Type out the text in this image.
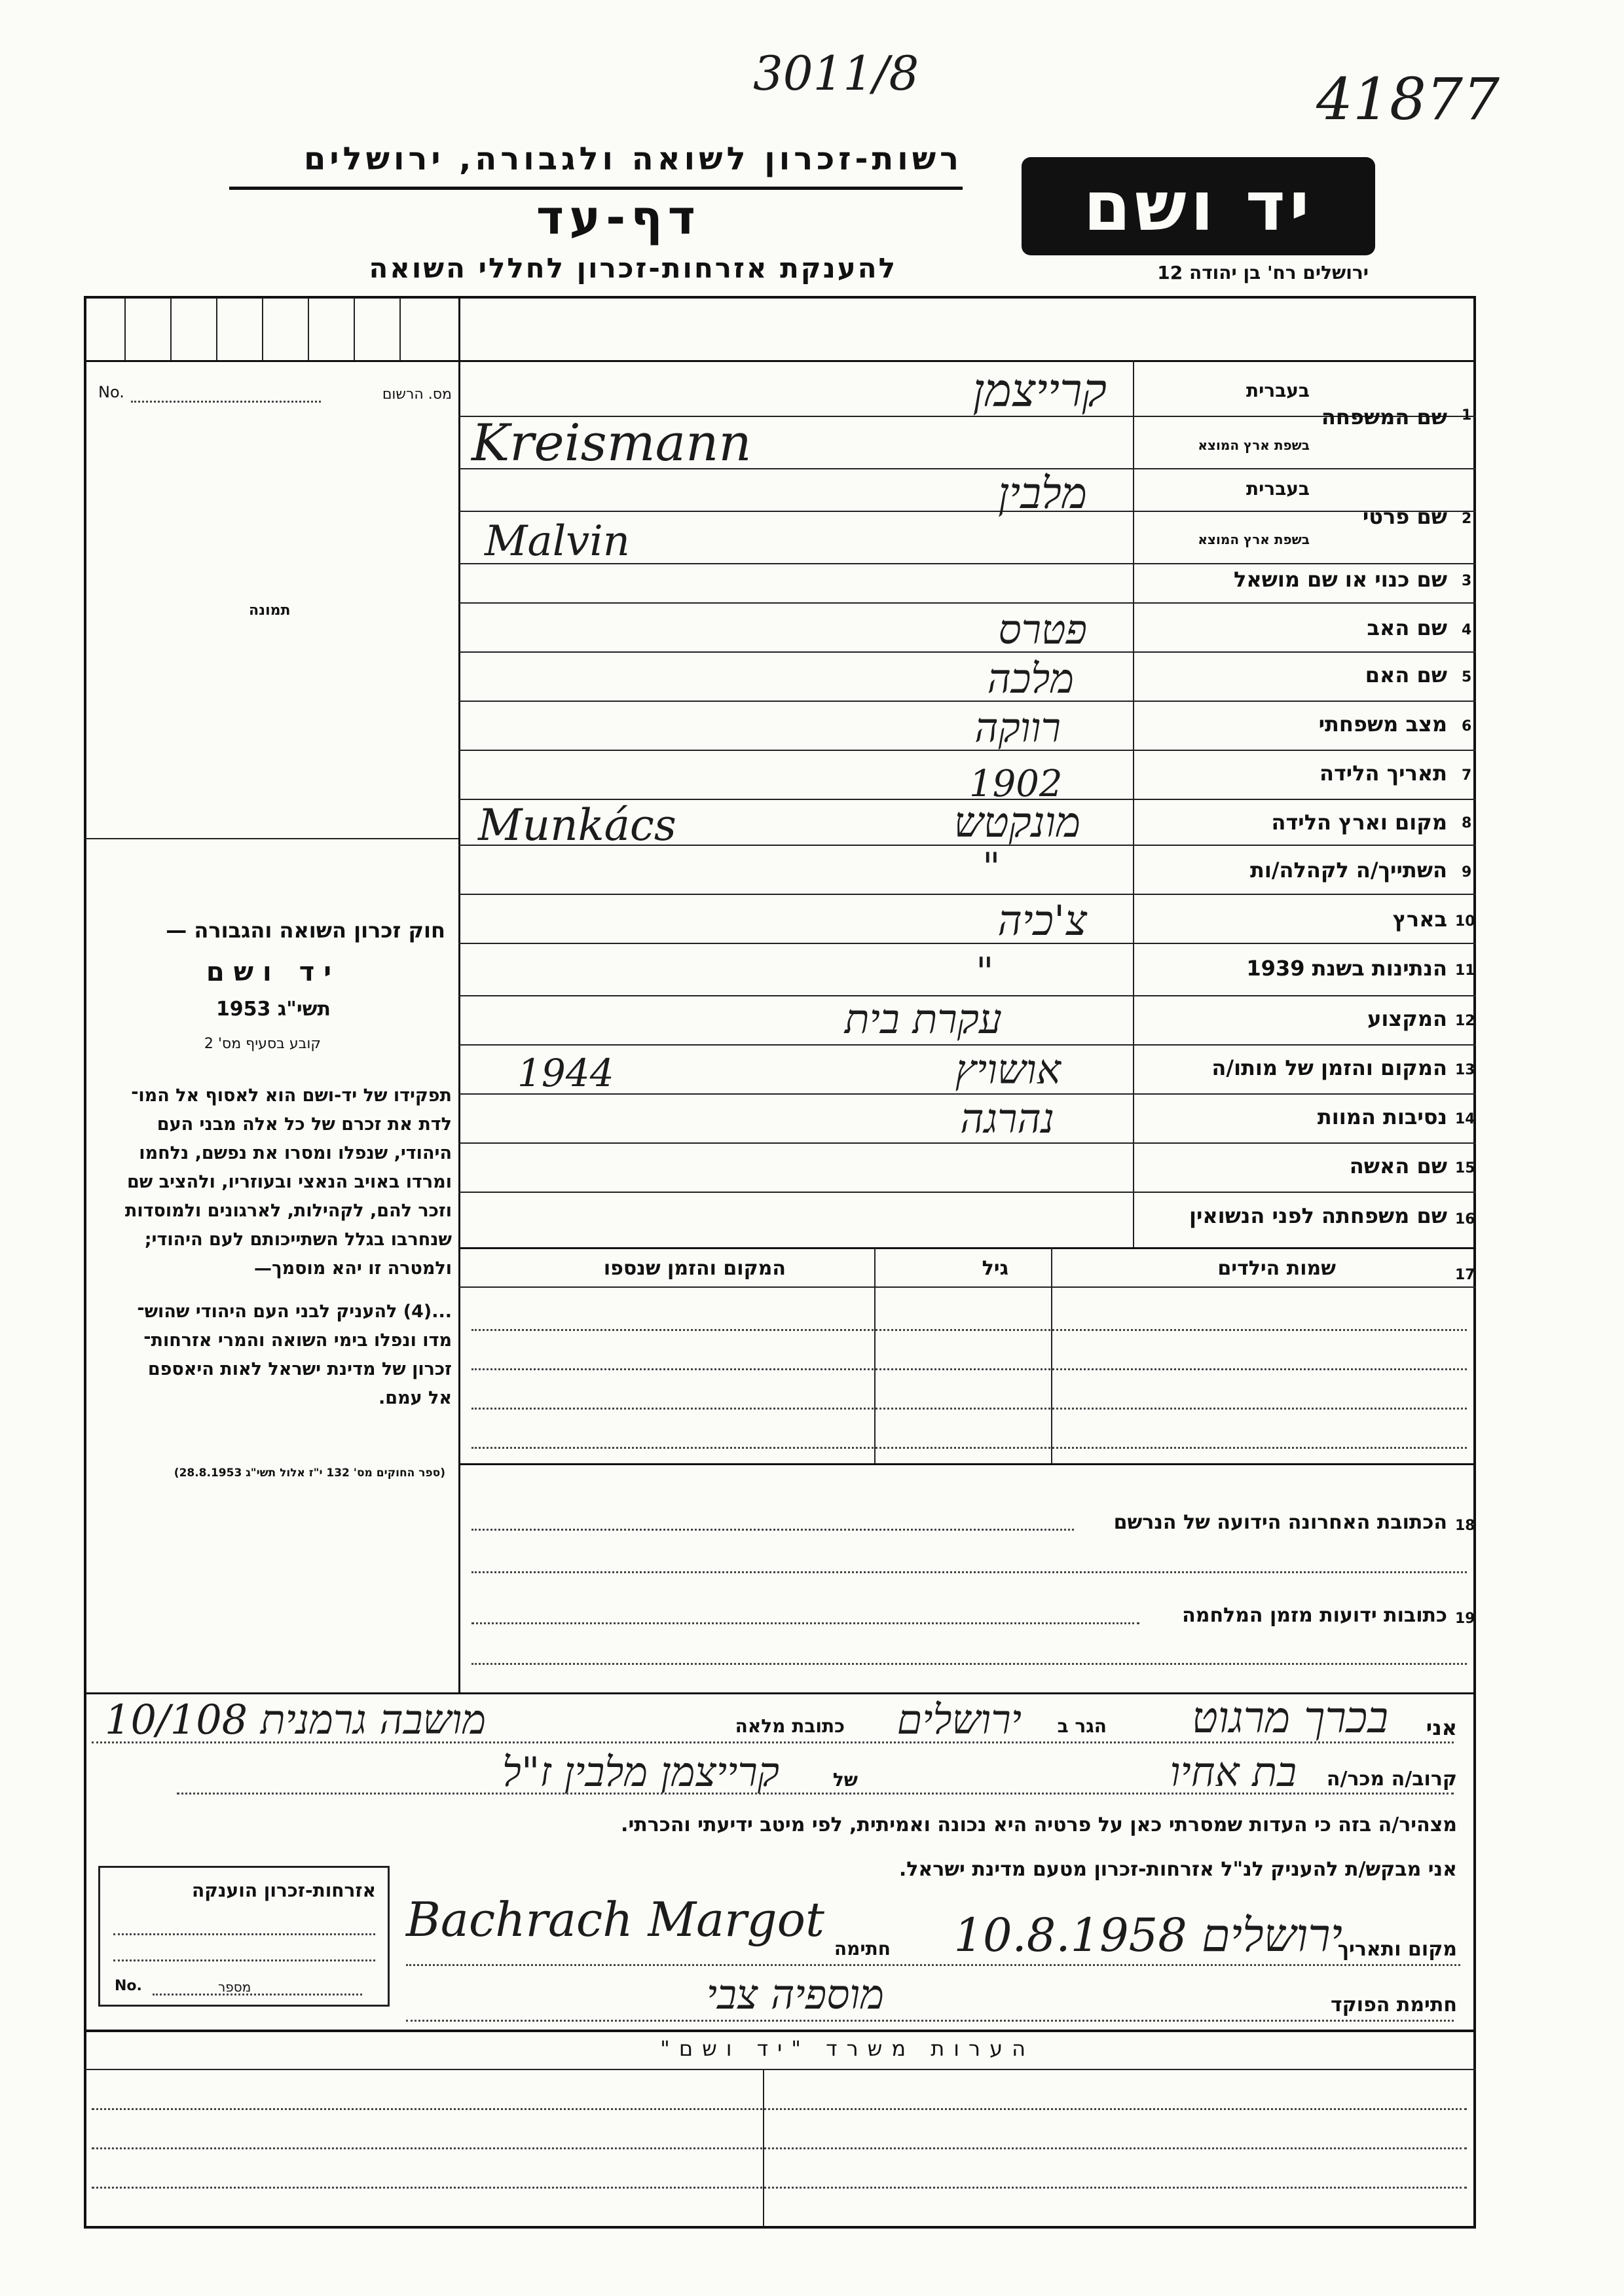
3011/8	41877
רשות-זכרון לשואה ולגבורה, ירושלים
דף-עד
להענקת אזרחות-זכרון לחללי השואה
יד ושם
ירושלים רח' בן יהודה 12
מס. הרשום
No.
תמונה
חוק זכרון השואה והגבורה —
יד ושם
תשי"ג 1953
קובע בסעיף מס' 2
תפקידו של יד-ושם הוא לאסוף אל המו־
לדת את זכרם של כל אלה מבני העם
היהודי, שנפלו ומסרו את נפשם, נלחמו
ומרדו באויב הנאצי ובעוזריו, ולהציב שם
וזכר להם, לקהילות, לארגונים ולמוסדות
שנחרבו בגלל השתייכותם לעם היהודי;
ולמטרה זו יהא מוסמך—
...(4) להעניק לבני העם היהודי שהוש־
מדו ונפלו בימי השואה והמרי אזרחות־
זכרון של מדינת ישראל לאות היאספם
אל עמם.
(ספר החוקים מס' 132 י"ז אלול תשי"ג 28.8.1953)
1
שם המשפחה
בעברית
בשפת ארץ המוצא
קרייצמן
Kreismann
2
שם פרטי
בעברית
בשפת ארץ המוצא
מלבין
Malvin
3
שם כנוי או שם מושאל
4
שם האב
פטרס
5
שם האם
מלכה
6
מצב משפחתי
רווקה
7
תאריך הלידה
1902
8
מקום וארץ הלידה
מונקטש
Munkács
9
השתייך/ה לקהלה/ות
"
10
בארץ
צ'כיה
11
הנתינות בשנת 1939
"
12
המקצוע
עקרת בית
13
המקום והזמן של מותו/ה
אושויץ
1944
14
נסיבות המוות
נהרגה
15
שם האשה
16
שם משפחתה לפני הנשואין
17
שמות הילדים
גיל
המקום והזמן שנספו
18
הכתובת האחרונה הידועה של הנרשם
19
כתובות ידועות מזמן המלחמה
אני
בכרך מרגוט
הגר ב
ירושלים
כתובת מלאה
מושבה גרמנית 10/108
קרוב/ה מכר/ה
בת אחיו
של
קרייצמן מלבין ז"ל
מצהיר/ה בזה כי העדות שמסרתי כאן על פרטיה היא נכונה ואמיתית, לפי מיטב ידיעתי והכרתי.
אני מבקש/ת להעניק לנ"ל אזרחות-זכרון מטעם מדינת ישראל.
מקום ותאריך
ירושלים 10.8.1958
חתימה
Bachrach Margot
חתימת הפוקד
מוספיה צבי
אזרחות-זכרון הוענקה
No.	מספר
הערות משרד "יד ושם"
